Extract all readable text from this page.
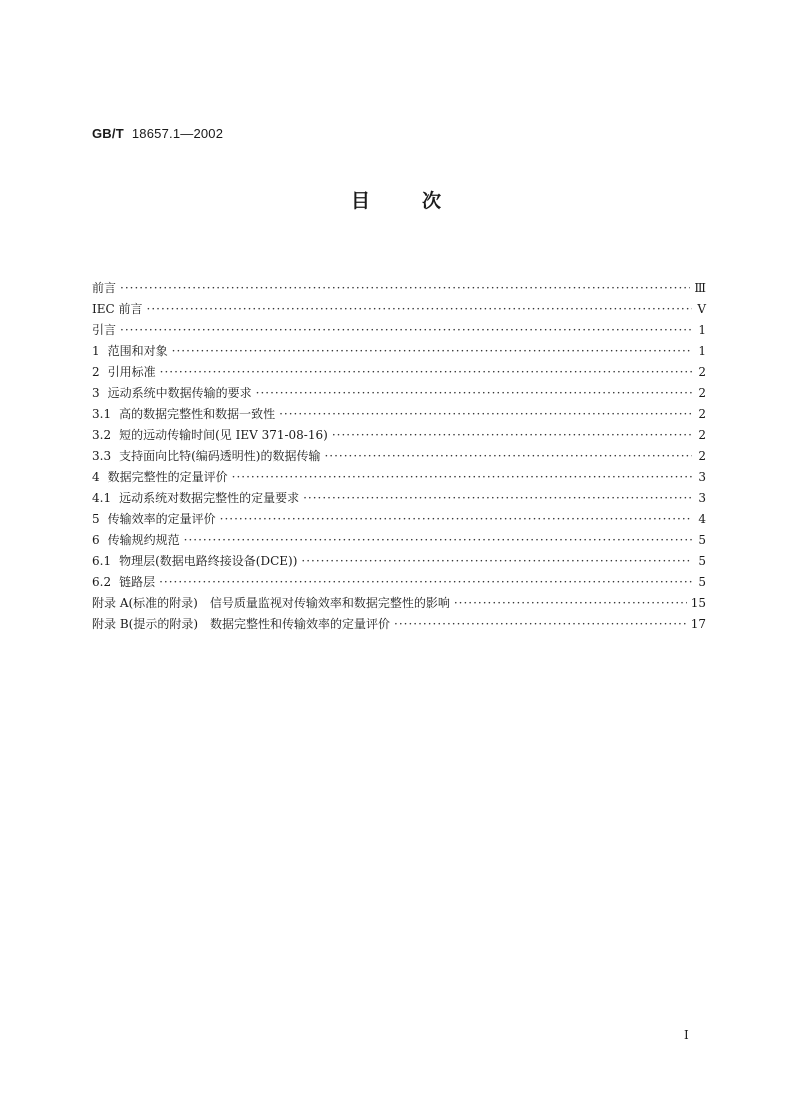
GB/T 18657.1—2002
目	次
前言 ·····	Ⅲ
IEC 前言 ·····	Ⅴ
引言 ·····	1
1 范围和对象 ·····	1
2 引用标准 ·····	2
3 远动系统中数据传输的要求 ·····	2
3.1 高的数据完整性和数据一致性 ·····	2
3.2 短的远动传输时间(见 IEV 371-08-16) ·····	2
3.3 支持面向比特(编码透明性)的数据传输 ·····	2
4 数据完整性的定量评价 ·····	3
4.1 远动系统对数据完整性的定量要求 ·····	3
5 传输效率的定量评价 ·····	4
6 传输规约规范 ·····	5
6.1 物理层(数据电路终接设备(DCE)) ·····	5
6.2 链路层 ·····	5
附录 A(标准的附录)　信号质量监视对传输效率和数据完整性的影响 ·····	15
附录 B(提示的附录)　数据完整性和传输效率的定量评价 ·····	17
I
